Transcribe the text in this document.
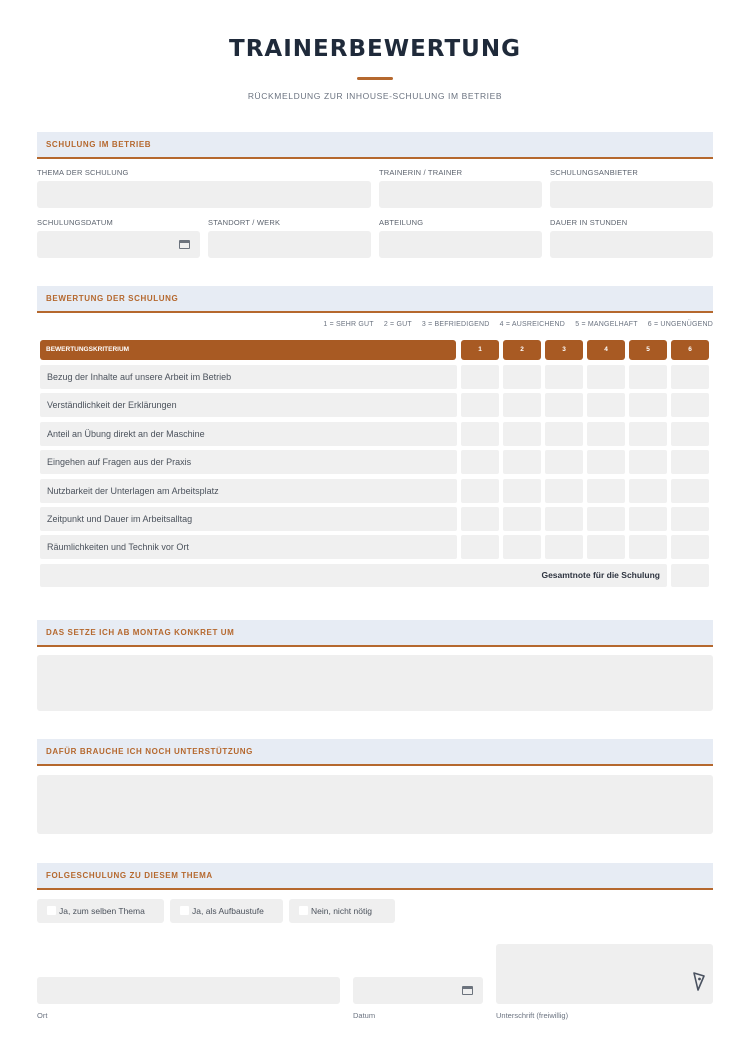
TRAINERBEWERTUNG
RÜCKMELDUNG ZUR INHOUSE-SCHULUNG IM BETRIEB
SCHULUNG IM BETRIEB
THEMA DER SCHULUNG	TRAINERIN / TRAINER	SCHULUNGSANBIETER
SCHULUNGSDATUM	STANDORT / WERK	ABTEILUNG	DAUER IN STUNDEN
BEWERTUNG DER SCHULUNG
1 = SEHR GUT 2 = GUT 3 = BEFRIEDIGEND 4 = AUSREICHEND 5 = MANGELHAFT 6 = UNGENÜGEND
BEWERTUNGSKRITERIUM	1	2	3	4	5	6
Bezug der Inhalte auf unsere Arbeit im Betrieb
Verständlichkeit der Erklärungen
Anteil an Übung direkt an der Maschine
Eingehen auf Fragen aus der Praxis
Nutzbarkeit der Unterlagen am Arbeitsplatz
Zeitpunkt und Dauer im Arbeitsalltag
Räumlichkeiten und Technik vor Ort
Gesamtnote für die Schulung
DAS SETZE ICH AB MONTAG KONKRET UM
DAFÜR BRAUCHE ICH NOCH UNTERSTÜTZUNG
FOLGESCHULUNG ZU DIESEM THEMA
Ja, zum selben Thema	Ja, als Aufbaustufe	Nein, nicht nötig
Ort	Datum	Unterschrift (freiwillig)
